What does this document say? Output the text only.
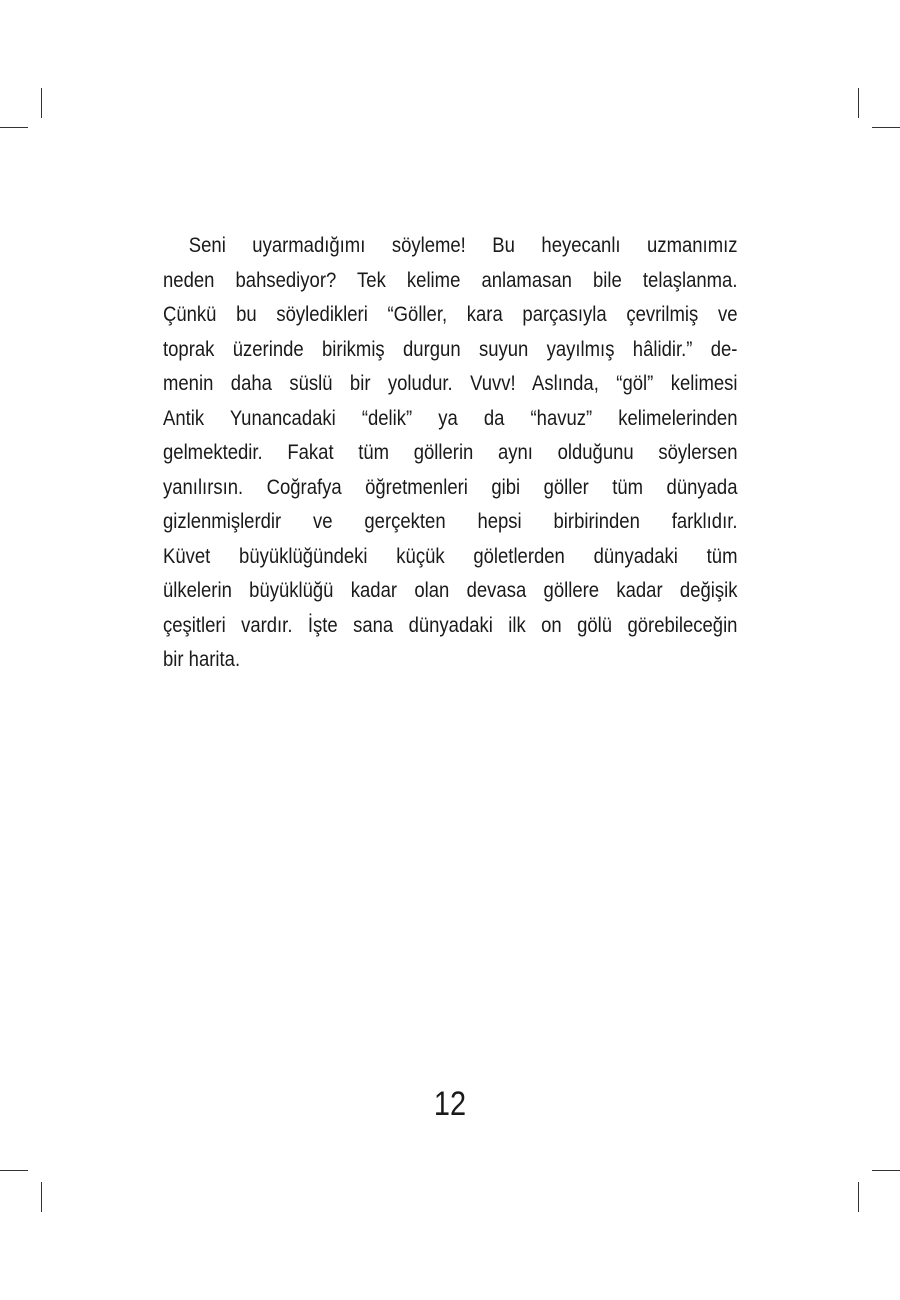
Seni uyarmadığımı söyleme! Bu heyecanlı uzmanımız
neden bahsediyor? Tek kelime anlamasan bile telaşlanma.
Çünkü bu söyledikleri “Göller, kara parçasıyla çevrilmiş ve
toprak üzerinde birikmiş durgun suyun yayılmış hâlidir.” de-
menin daha süslü bir yoludur. Vuvv! Aslında, “göl” kelimesi
Antik Yunancadaki “delik” ya da “havuz” kelimelerinden
gelmektedir. Fakat tüm göllerin aynı olduğunu söylersen
yanılırsın. Coğrafya öğretmenleri gibi göller tüm dünyada
gizlenmişlerdir ve gerçekten hepsi birbirinden farklıdır.
Küvet büyüklüğündeki küçük göletlerden dünyadaki tüm
ülkelerin büyüklüğü kadar olan devasa göllere kadar değişik
çeşitleri vardır. İşte sana dünyadaki ilk on gölü görebileceğin
bir harita.
12
